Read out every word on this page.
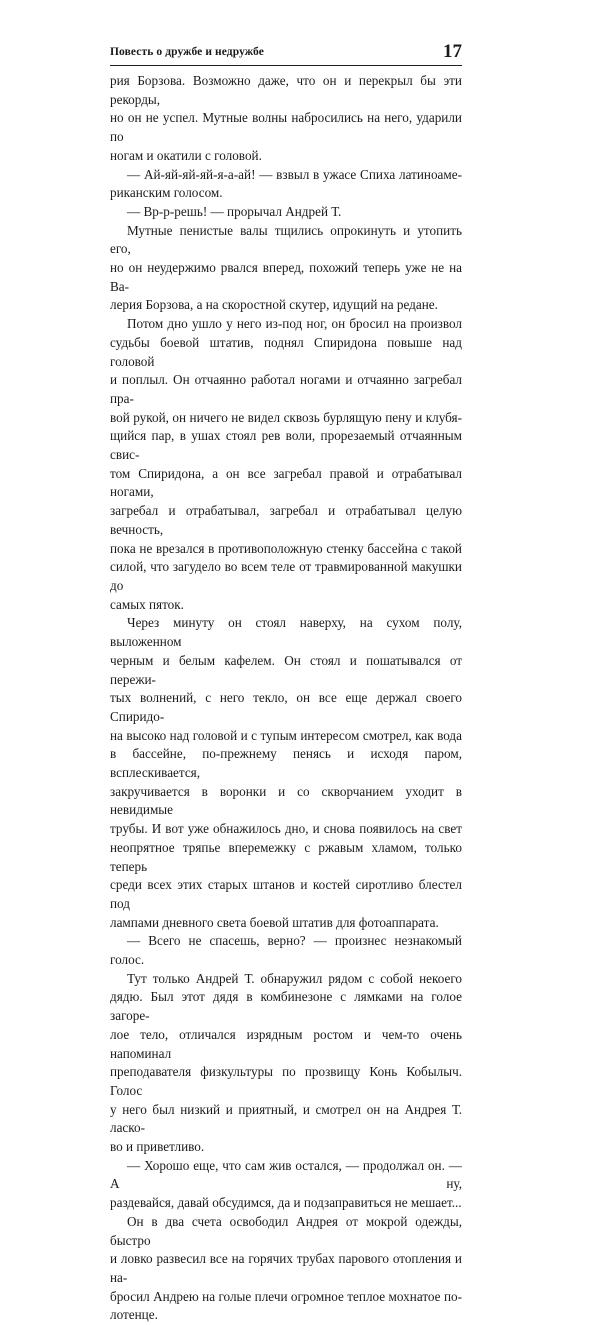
Повесть о дружбе и недружбе	17

рия Борзова. Возможно даже, что он и перекрыл бы эти рекорды,

но он не успел. Мутные волны набросились на него, ударили по

ногам и окатили с головой.

— Ай-яй-яй-яй-я-а-ай! — взвыл в ужасе Спиха латиноаме-

риканским голосом.

— Вр-р-решь! — прорычал Андрей Т.

Мутные пенистые валы тщились опрокинуть и утопить его,

но он неудержимо рвался вперед, похожий теперь уже не на Ва-

лерия Борзова, а на скоростной скутер, идущий на редане.

Потом дно ушло у него из-под ног, он бросил на произвол

судьбы боевой штатив, поднял Спиридона повыше над головой

и поплыл. Он отчаянно работал ногами и отчаянно загребал пра-

вой рукой, он ничего не видел сквозь бурлящую пену и клубя-

щийся пар, в ушах стоял рев воли, прорезаемый отчаянным свис-

том Спиридона, а он все загребал правой и отрабатывал ногами,

загребал и отрабатывал, загребал и отрабатывал целую вечность,

пока не врезался в противоположную стенку бассейна с такой

силой, что загудело во всем теле от травмированной макушки до

самых пяток.

Через минуту он стоял наверху, на сухом полу, выложенном

черным и белым кафелем. Он стоял и пошатывался от пережи-

тых волнений, с него текло, он все еще держал своего Спиридо-

на высоко над головой и с тупым интересом смотрел, как вода

в бассейне, по-прежнему пенясь и исходя паром, всплескивается,

закручивается в воронки и со скворчанием уходит в невидимые

трубы. И вот уже обнажилось дно, и снова появилось на свет

неопрятное тряпье вперемежку с ржавым хламом, только теперь

среди всех этих старых штанов и костей сиротливо блестел под

лампами дневного света боевой штатив для фотоаппарата.

— Всего не спасешь, верно? — произнес незнакомый голос.

Тут только Андрей Т. обнаружил рядом с собой некоего

дядю. Был этот дядя в комбинезоне с лямками на голое загоре-

лое тело, отличался изрядным ростом и чем-то очень напоминал

преподавателя физкультуры по прозвищу Конь Кобылыч. Голос

у него был низкий и приятный, и смотрел он на Андрея Т. ласко-

во и приветливо.

— Хорошо еще, что сам жив остался, — продолжал он. — А ну,

раздевайся, давай обсудимся, да и подзаправиться не мешает...

Он в два счета освободил Андрея от мокрой одежды, быстро

и ловко развесил все на горячих трубах парового отопления и на-

бросил Андрею на голые плечи огромное теплое мохнатое по-

лотенце.
